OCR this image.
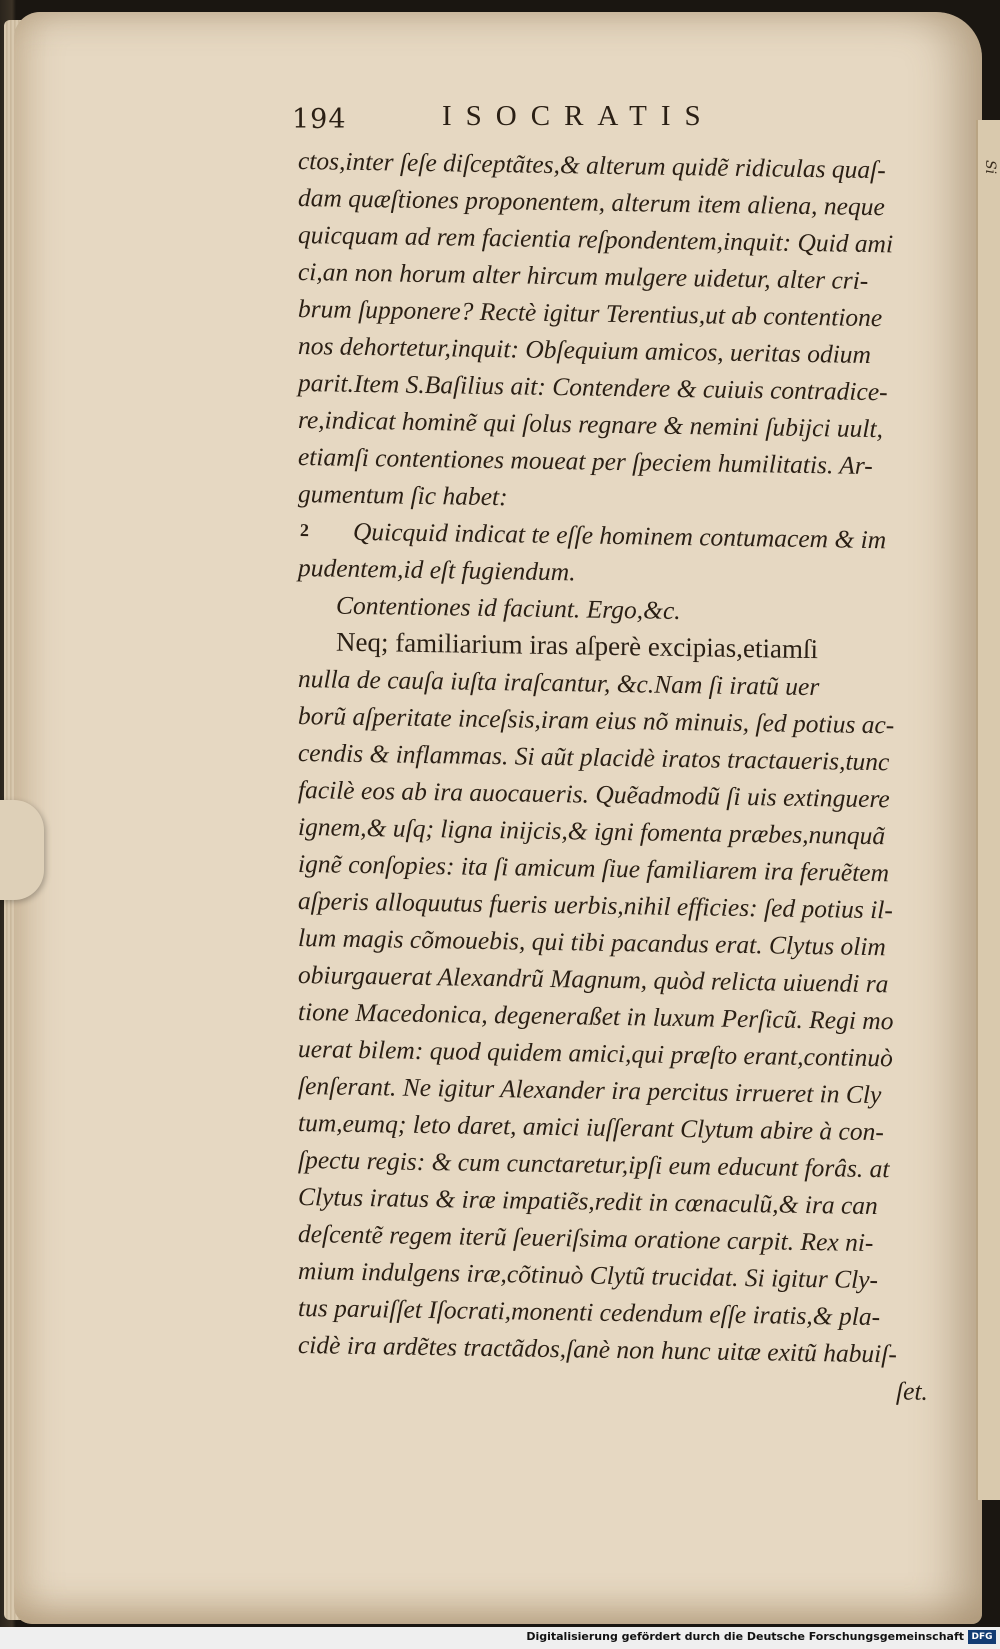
Si
194	ISOCRATIS
ctos,inter ſeſe diſceptãtes,& alterum quidẽ ridiculas quaſ-
dam quæſtiones proponentem, alterum item aliena, neque
quicquam ad rem facientia reſpondentem,inquit: Quid ami
ci,an non horum alter hircum mulgere uidetur, alter cri-
brum ſupponere? Rectè igitur Terentius,ut ab contentione
nos dehortetur,inquit: Obſequium amicos, ueritas odium
parit.Item S.Baſilius ait: Contendere & cuiuis contradice-
re,indicat hominẽ qui ſolus regnare & nemini ſubijci uult,
etiamſi contentiones moueat per ſpeciem humilitatis. Ar-
gumentum ſic habet:
2 Quicquid indicat te eſſe hominem contumacem & im
pudentem,id eſt fugiendum.
Contentiones id faciunt. Ergo,&c.
Neq; familiarium iras aſperè excipias,etiamſi
nulla de cauſa iuſta iraſcantur, &c.Nam ſi iratũ uer
borũ aſperitate inceſsis,iram eius nõ minuis, ſed potius ac-
cendis & inflammas. Si aũt placidè iratos tractaueris,tunc
facilè eos ab ira auocaueris. Quẽadmodũ ſi uis extinguere
ignem,& uſq; ligna inijcis,& igni fomenta præbes,nunquã
ignẽ conſopies: ita ſi amicum ſiue familiarem ira feruẽtem
aſperis alloquutus fueris uerbis,nihil efficies: ſed potius il-
lum magis cõmouebis, qui tibi pacandus erat. Clytus olim
obiurgauerat Alexandrũ Magnum, quòd relicta uiuendi ra
tione Macedonica, degeneraßet in luxum Perſicũ. Regi mo
uerat bilem: quod quidem amici,qui præſto erant,continuò
ſenſerant. Ne igitur Alexander ira percitus irrueret in Cly
tum,eumq; leto daret, amici iuſſerant Clytum abire à con-
ſpectu regis: & cum cunctaretur,ipſi eum educunt forâs. at
Clytus iratus & iræ impatiẽs,redit in cœnaculũ,& ira can
deſcentẽ regem iterũ ſeueriſsima oratione carpit. Rex ni-
mium indulgens iræ,cõtinuò Clytũ trucidat. Si igitur Cly-
tus paruiſſet Iſocrati,monenti cedendum eſſe iratis,& pla-
cidè ira ardẽtes tractãdos,ſanè non hunc uitæ exitũ habuiſ-
ſet.
Digitalisierung gefördert durch die Deutsche Forschungsgemeinschaft DFG
